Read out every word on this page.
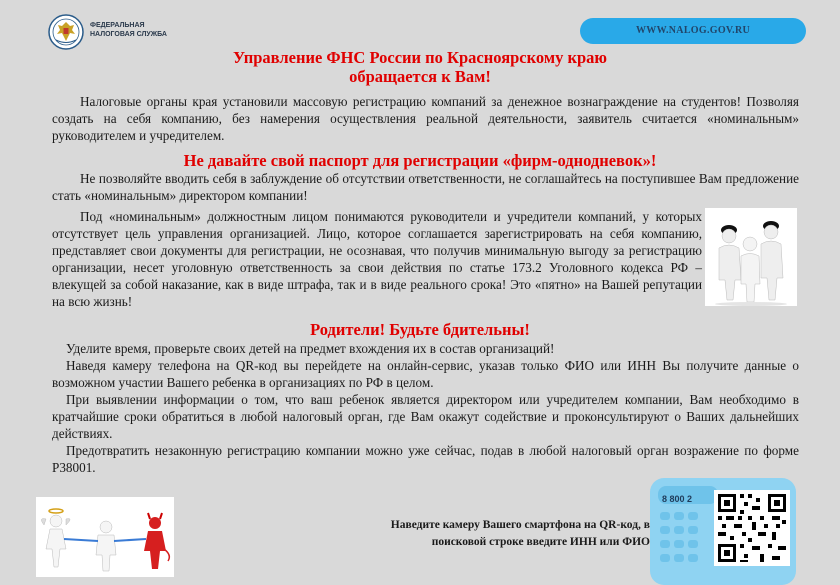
ФЕДЕРАЛЬНАЯ
НАЛОГОВАЯ СЛУЖБА	WWW.NALOG.GOV.RU
Управление ФНС России по Красноярскому краю
обращается к Вам!

Налоговые органы края установили массовую регистрацию компаний за денежное вознаграждение на студентов! Позволяя создать на себя компанию, без намерения осуществления реальной деятельности, заявитель считается «номинальным» руководителем и учредителем.

Не давайте свой паспорт для регистрации «фирм-однодневок»!

Не позволяйте вводить себя в заблуждение об отсутствии ответственности, не соглашайтесь на поступившее Вам предложение стать «номинальным» директором компании!

Под «номинальным» должностным лицом понимаются руководители и учредители компаний, у которых отсутствует цель управления организацией. Лицо, которое соглашается зарегистрировать на себя компанию, представляет свои документы для регистрации, не осознавая, что получив минимальную выгоду за регистрацию организации, несет уголовную ответственность за свои действия по статье 173.2 Уголовного кодекса РФ – влекущей за собой наказание, как в виде штрафа, так и в виде реального срока! Это «пятно» на Вашей репутации на всю жизнь!

Родители! Будьте бдительны!

Уделите время, проверьте своих детей на предмет вхождения их в состав организаций!

Наведя камеру телефона на QR-код вы перейдете на онлайн-сервис, указав только ФИО или ИНН Вы получите данные о возможном участии Вашего ребенка в организациях по РФ в целом.

При выявлении информации о том, что ваш ребенок является директором или учредителем компании, Вам необходимо в кратчайшие сроки обратиться в любой налоговый орган, где Вам окажут содействие и проконсультируют о Ваших дальнейших действиях.

Предотвратить незаконную регистрацию компании можно уже сейчас, подав в любой налоговый орган возражение по форме Р38001.

Наведите камеру Вашего смартфона на QR-код, в поисковой строке введите ИНН или ФИО
8 800 2
